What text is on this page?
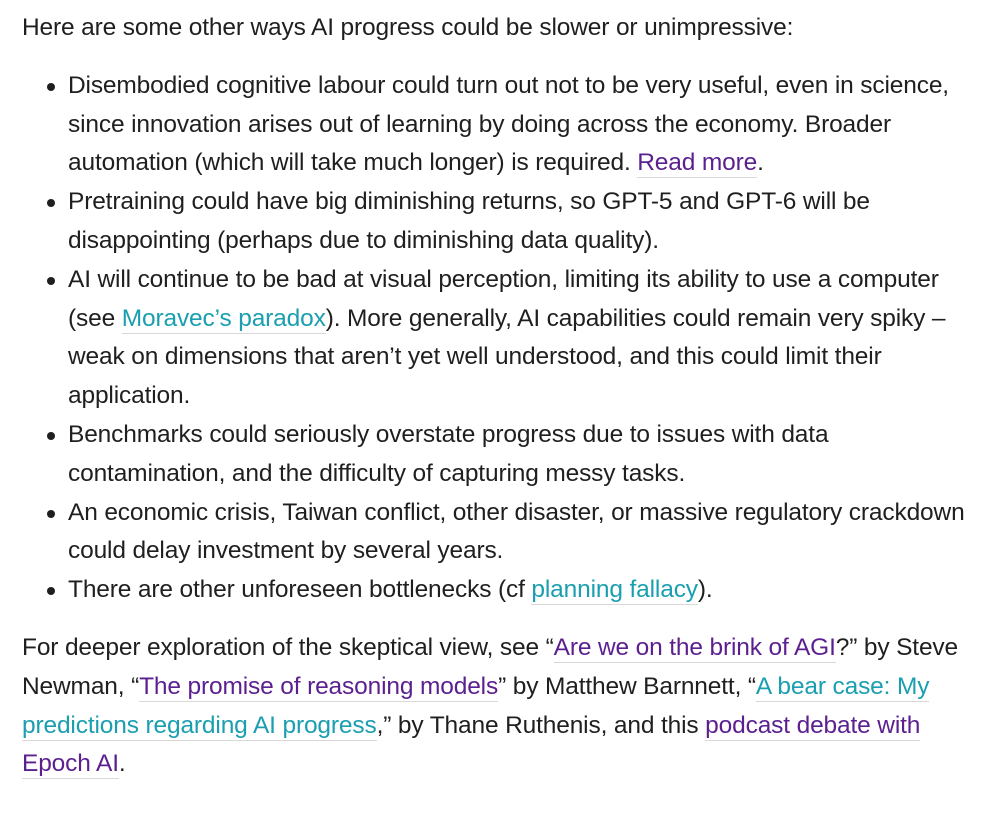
Here are some other ways AI progress could be slower or unimpressive:

Disembodied cognitive labour could turn out not to be very useful, even in science, since innovation arises out of learning by doing across the economy. Broader automation (which will take much longer) is required. Read more.
Pretraining could have big diminishing returns, so GPT-5 and GPT-6 will be disappointing (perhaps due to diminishing data quality).
AI will continue to be bad at visual perception, limiting its ability to use a computer (see Moravec’s paradox). More generally, AI capabilities could remain very spiky – weak on dimensions that aren’t yet well understood, and this could limit their application.
Benchmarks could seriously overstate progress due to issues with data contamination, and the difficulty of capturing messy tasks.
An economic crisis, Taiwan conflict, other disaster, or massive regulatory crackdown could delay investment by several years.
There are other unforeseen bottlenecks (cf planning fallacy).

For deeper exploration of the skeptical view, see “Are we on the brink of AGI?” by Steve Newman, “The promise of reasoning models” by Matthew Barnnett, “A bear case: My predictions regarding AI progress,” by Thane Ruthenis, and this podcast debate with Epoch AI.
